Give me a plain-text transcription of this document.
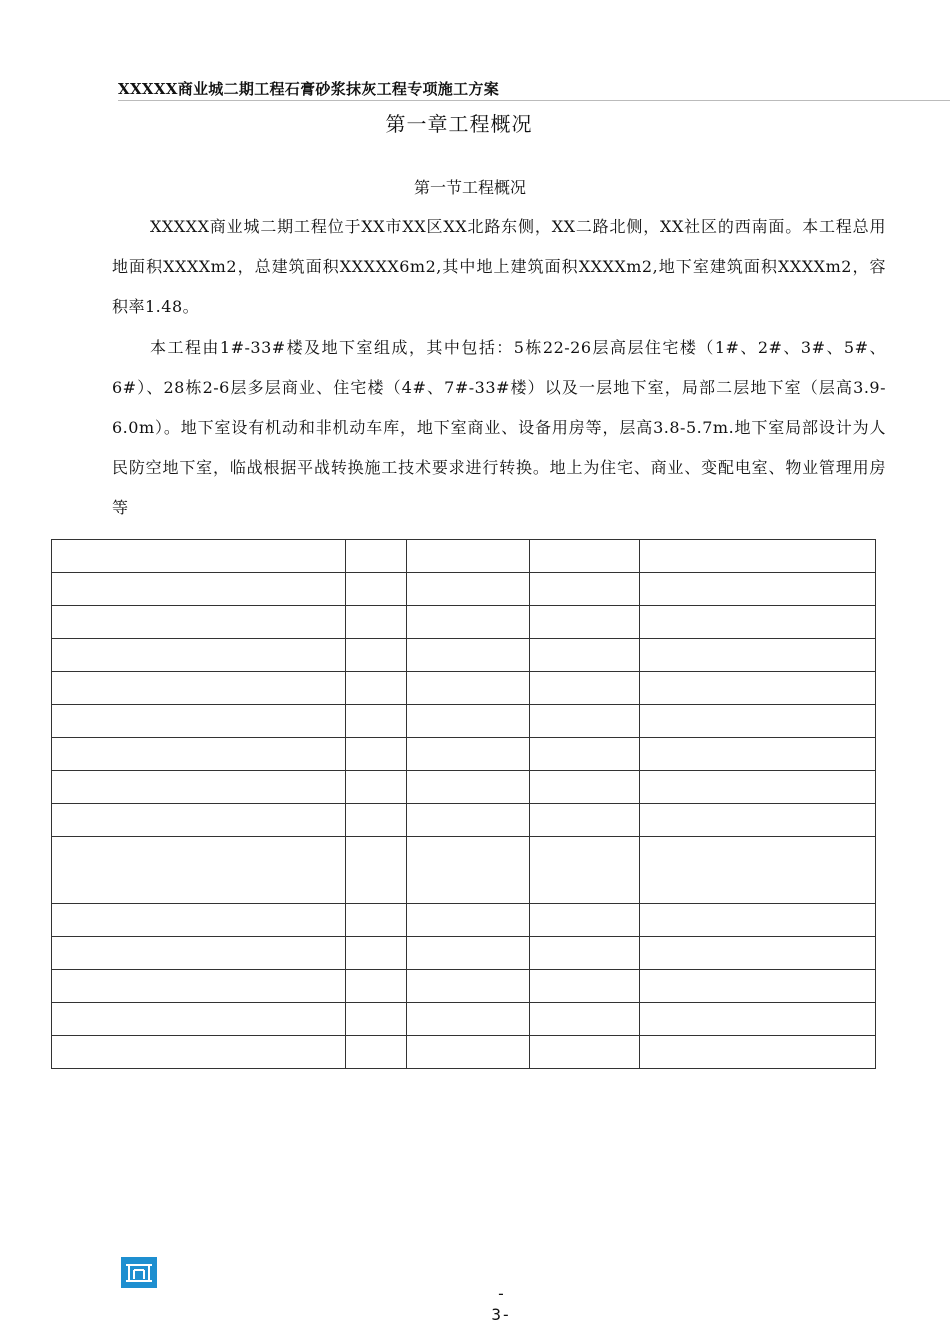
XXXXX商业城二期工程石膏砂浆抹灰工程专项施工方案
第一章工程概况
第一节工程概况

XXXXX商业城二期工程位于XX市XX区XX北路东侧，XX二路北侧，XX社区的西南面。本工程总用地面积XXXXm2，总建筑面积XXXXX6m2,其中地上建筑面积XXXXm2,地下室建筑面积XXXXm2，容积率1.48。

本工程由1#-33#楼及地下室组成，其中包括：5栋22-26层高层住宅楼（1#、2#、3#、5#、6#）、28栋2-6层多层商业、住宅楼（4#、7#-33#楼）以及一层地下室，局部二层地下室（层高3.9-6.0m）。地下室设有机动和非机动车库，地下室商业、设备用房等，层高3.8-5.7m.地下室局部设计为人民防空地下室，临战根据平战转换施工技术要求进行转换。地上为住宅、商业、变配电室、物业管理用房等

-
3-
